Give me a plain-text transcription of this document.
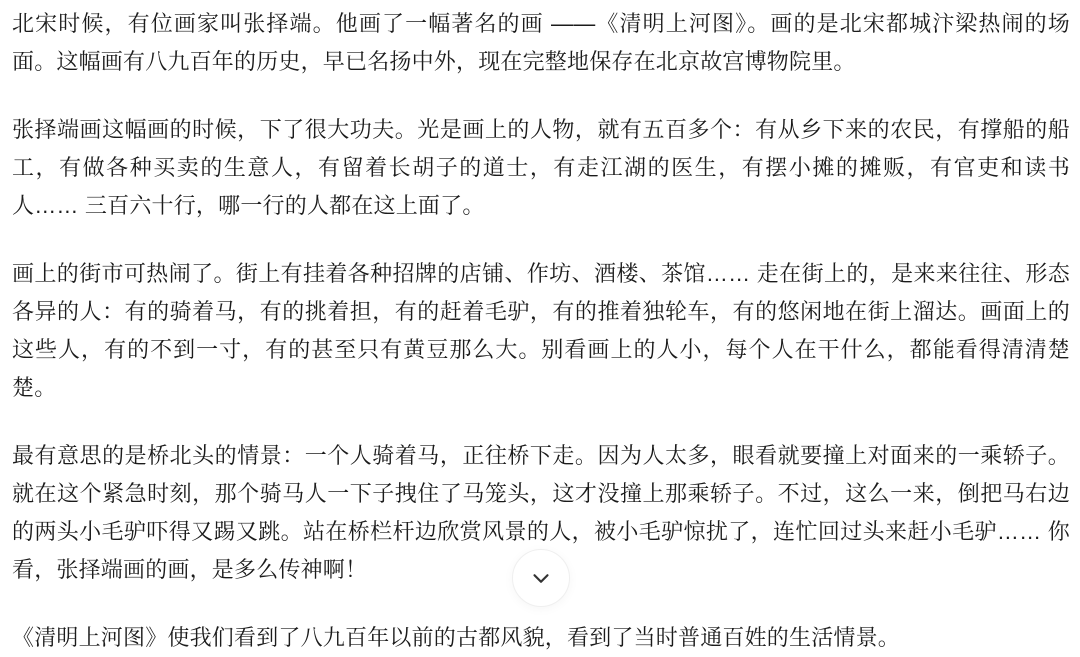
北宋时候，有位画家叫张择端。他画了一幅著名的画 ——《清明上河图》。画的是北宋都城汴梁热闹的场面。这幅画有八九百年的历史，早已名扬中外，现在完整地保存在北京故宫博物院里。

张择端画这幅画的时候，下了很大功夫。光是画上的人物，就有五百多个：有从乡下来的农民，有撑船的船工，有做各种买卖的生意人，有留着长胡子的道士，有走江湖的医生，有摆小摊的摊贩，有官吏和读书人…… 三百六十行，哪一行的人都在这上面了。

画上的街市可热闹了。街上有挂着各种招牌的店铺、作坊、酒楼、茶馆…… 走在街上的，是来来往往、形态各异的人：有的骑着马，有的挑着担，有的赶着毛驴，有的推着独轮车，有的悠闲地在街上溜达。画面上的这些人，有的不到一寸，有的甚至只有黄豆那么大。别看画上的人小，每个人在干什么，都能看得清清楚楚。

最有意思的是桥北头的情景：一个人骑着马，正往桥下走。因为人太多，眼看就要撞上对面来的一乘轿子。就在这个紧急时刻，那个骑马人一下子拽住了马笼头，这才没撞上那乘轿子。不过，这么一来，倒把马右边的两头小毛驴吓得又踢又跳。站在桥栏杆边欣赏风景的人，被小毛驴惊扰了，连忙回过头来赶小毛驴…… 你看，张择端画的画，是多么传神啊！

《清明上河图》使我们看到了八九百年以前的古都风貌，看到了当时普通百姓的生活情景。
